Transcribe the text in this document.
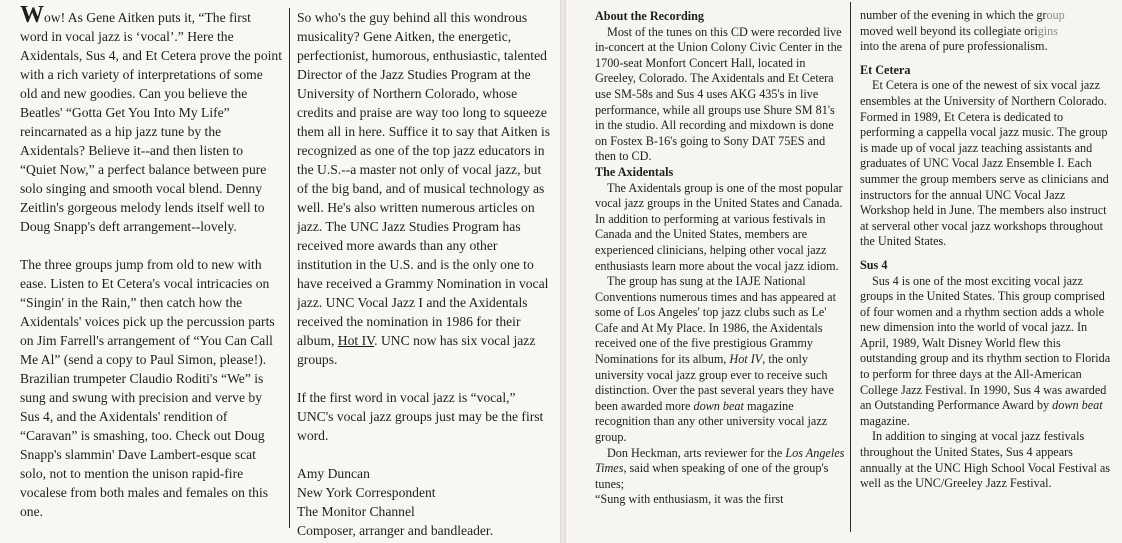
Wow! As Gene Aitken puts it, “The first word in vocal jazz is ‘vocal’.” Here the Axidentals, Sus 4, and Et Cetera prove the point with a rich variety of interpretations of some old and new goodies. Can you believe the Beatles' “Gotta Get You Into My Life” reincarnated as a hip jazz tune by the Axidentals? Believe it--and then listen to “Quiet Now,” a perfect balance between pure solo singing and smooth vocal blend. Denny Zeitlin's gorgeous melody lends itself well to Doug Snapp's deft arrangement--lovely.

The three groups jump from old to new with ease. Listen to Et Cetera's vocal intricacies on “Singin' in the Rain,” then catch how the Axidentals' voices pick up the percussion parts on Jim Farrell's arrangement of “You Can Call Me Al” (send a copy to Paul Simon, please!). Brazilian trumpeter Claudio Roditi's “We” is sung and swung with precision and verve by Sus 4, and the Axidentals' rendition of “Caravan” is smashing, too. Check out Doug Snapp's slammin' Dave Lambert-esque scat solo, not to mention the unison rapid-fire vocalese from both males and females on this one.

So who's the guy behind all this wondrous musicality? Gene Aitken, the energetic, perfectionist, humorous, enthusiastic, talented Director of the Jazz Studies Program at the University of Northern Colorado, whose credits and praise are way too long to squeeze them all in here. Suffice it to say that Aitken is recognized as one of the top jazz educators in the U.S.--a master not only of vocal jazz, but of the big band, and of musical technology as well. He's also written numerous articles on jazz. The UNC Jazz Studies Program has received more awards than any other institution in the U.S. and is the only one to have received a Grammy Nomination in vocal jazz. UNC Vocal Jazz I and the Axidentals received the nomination in 1986 for their album, Hot IV. UNC now has six vocal jazz groups.

If the first word in vocal jazz is “vocal,” UNC's vocal jazz groups just may be the first word.

Amy Duncan

New York Correspondent

The Monitor Channel

Composer, arranger and bandleader.

About the Recording

Most of the tunes on this CD were recorded live in-concert at the Union Colony Civic Center in the 1700-seat Monfort Concert Hall, located in Greeley, Colorado. The Axidentals and Et Cetera use SM-58s and Sus 4 uses AKG 435's in live performance, while all groups use Shure SM 81's in the studio. All recording and mixdown is done on Fostex B-16's going to Sony DAT 75ES and then to CD.

The Axidentals

The Axidentals group is one of the most popular vocal jazz groups in the United States and Canada. In addition to performing at various festivals in Canada and the United States, members are experienced clinicians, helping other vocal jazz enthusiasts learn more about the vocal jazz idiom.

The group has sung at the IAJE National Conventions numerous times and has appeared at some of Los Angeles' top jazz clubs such as Le' Cafe and At My Place. In 1986, the Axidentals received one of the five prestigious Grammy Nominations for its album, Hot IV, the only university vocal jazz group ever to receive such distinction. Over the past several years they have been awarded more down beat magazine recognition than any other university vocal jazz group.

Don Heckman, arts reviewer for the Los Angeles Times, said when speaking of one of the group's tunes;

“Sung with enthusiasm, it was the first

number of the evening in which the group

moved well beyond its collegiate origins

into the arena of pure professionalism.

Et Cetera

Et Cetera is one of the newest of six vocal jazz ensembles at the University of Northern Colorado. Formed in 1989, Et Cetera is dedicated to performing a cappella vocal jazz music. The group is made up of vocal jazz teaching assistants and graduates of UNC Vocal Jazz Ensemble I. Each summer the group members serve as clinicians and instructors for the annual UNC Vocal Jazz Workshop held in June. The members also instruct at serveral other vocal jazz workshops throughout the United States.

Sus 4

Sus 4 is one of the most exciting vocal jazz groups in the United States. This group comprised of four women and a rhythm section adds a whole new dimension into the world of vocal jazz. In April, 1989, Walt Disney World flew this outstanding group and its rhythm section to Florida to perform for three days at the All-American College Jazz Festival. In 1990, Sus 4 was awarded an Outstanding Performance Award by down beat magazine.

In addition to singing at vocal jazz festivals throughout the United States, Sus 4 appears annually at the UNC High School Vocal Festival as well as the UNC/Greeley Jazz Festival.
